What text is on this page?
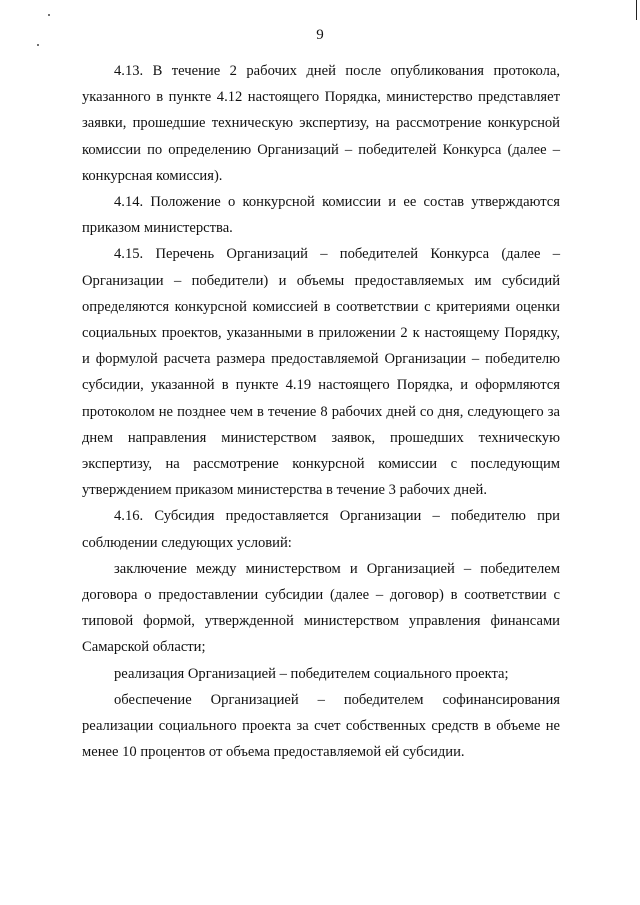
9

4.13. В течение 2 рабочих дней после опубликования протокола, указанного в пункте 4.12 настоящего Порядка, министерство представляет заявки, прошедшие техническую экспертизу, на рассмотрение конкурсной комиссии по определению Организаций – победителей Конкурса (далее – конкурсная комиссия).

4.14. Положение о конкурсной комиссии и ее состав утверждаются приказом министерства.

4.15. Перечень Организаций – победителей Конкурса (далее – Организации – победители) и объемы предоставляемых им субсидий определяются конкурсной комиссией в соответствии с критериями оценки социальных проектов, указанными в приложении 2 к настоящему Порядку, и формулой расчета размера предоставляемой Организации – победителю субсидии, указанной в пункте 4.19 настоящего Порядка, и оформляются протоколом не позднее чем в течение 8 рабочих дней со дня, следующего за днем направления министерством заявок, прошедших техническую экспертизу, на рассмотрение конкурсной комиссии с последующим утверждением приказом министерства в течение 3 рабочих дней.

4.16. Субсидия предоставляется Организации – победителю при соблюдении следующих условий:

заключение между министерством и Организацией – победителем договора о предоставлении субсидии (далее – договор) в соответствии с типовой формой, утвержденной министерством управления финансами Самарской области;

реализация Организацией – победителем социального проекта;

обеспечение Организацией – победителем софинансирования реализации социального проекта за счет собственных средств в объеме не менее 10 процентов от объема предоставляемой ей субсидии.
